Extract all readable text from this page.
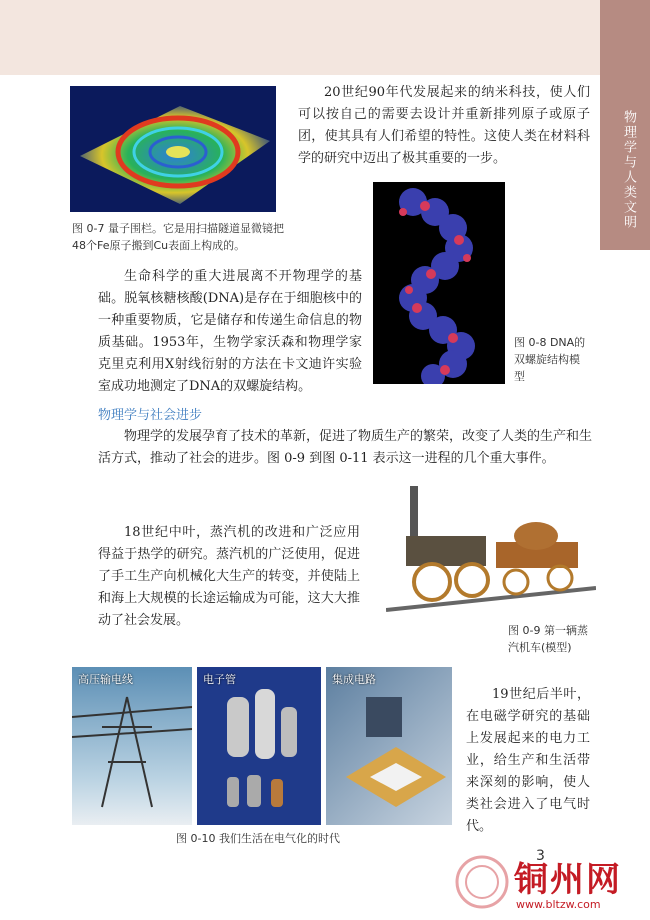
物理学与人类文明
图 0-7 量子围栏。它是用扫描隧道显微镜把48个Fe原子搬到Cu表面上构成的。
20世纪90年代发展起来的纳米科技，使人们可以按自己的需要去设计并重新排列原子或原子团，使其具有人们希望的特性。这使人类在材料科学的研究中迈出了极其重要的一步。
图 0-8 DNA的双螺旋结构模型
生命科学的重大进展离不开物理学的基础。脱氧核糖核酸(DNA)是存在于细胞核中的一种重要物质，它是储存和传递生命信息的物质基础。1953年，生物学家沃森和物理学家克里克利用X射线衍射的方法在卡文迪许实验室成功地测定了DNA的双螺旋结构。
物理学与社会进步
物理学的发展孕育了技术的革新，促进了物质生产的繁荣，改变了人类的生产和生活方式，推动了社会的进步。图 0-9 到图 0-11 表示这一进程的几个重大事件。
图 0-9 第一辆蒸汽机车(模型)
18世纪中叶，蒸汽机的改进和广泛应用得益于热学的研究。蒸汽机的广泛使用，促进了手工生产向机械化大生产的转变，并使陆上和海上大规模的长途运输成为可能，这大大推动了社会发展。
高压输电线	电子管	集成电路
图 0-10 我们生活在电气化的时代
19世纪后半叶，在电磁学研究的基础上发展起来的电力工业，给生产和生活带来深刻的影响，使人类社会进入了电气时代。
3
铜州网
www.bltzw.com
